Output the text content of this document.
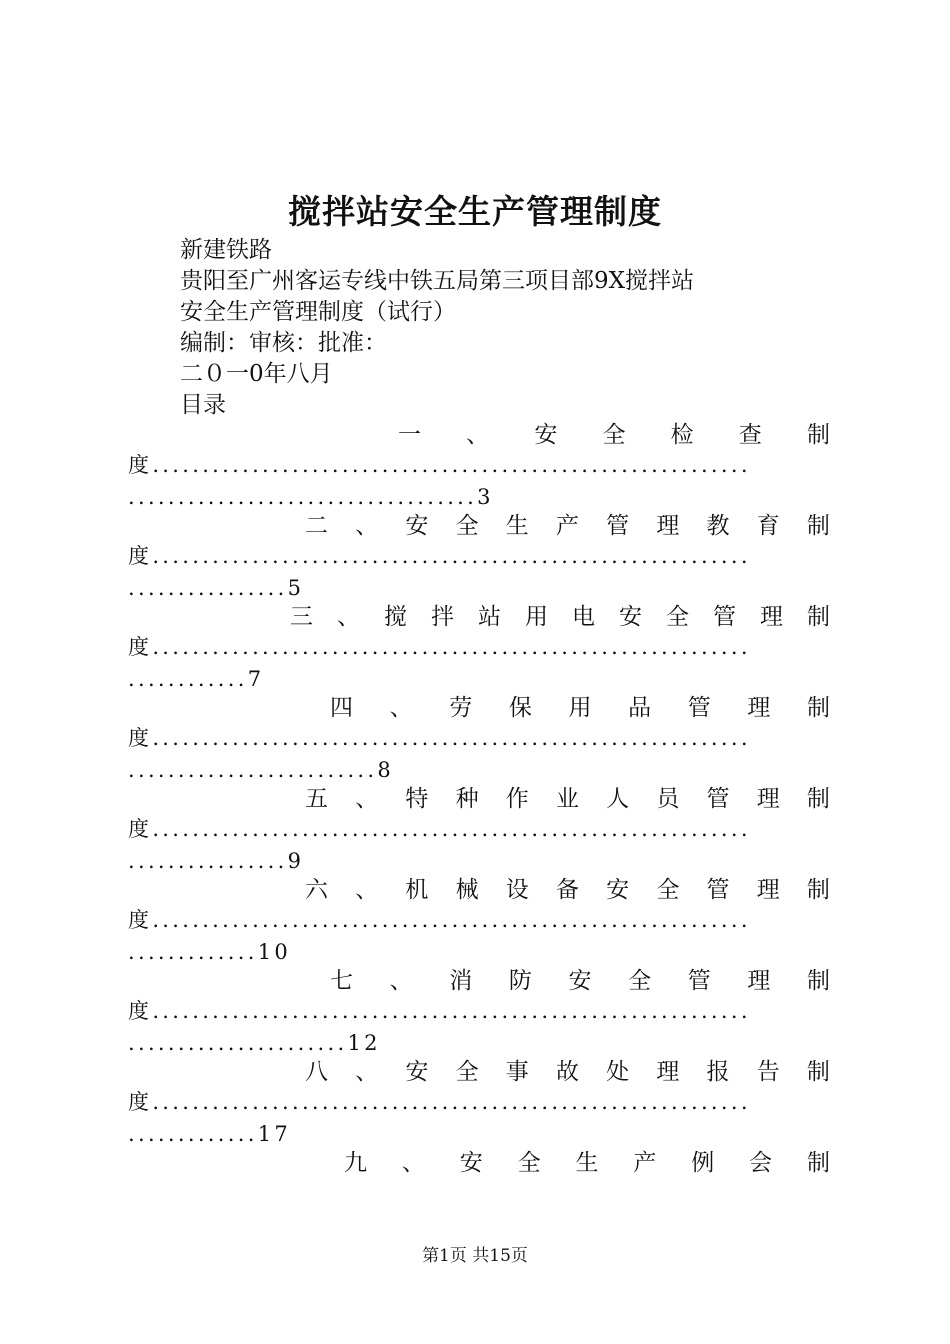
搅拌站安全生产管理制度
新建铁路
贵阳至广州客运专线中铁五局第三项目部9X搅拌站
安全生产管理制度（试行）
编制：审核：批准：
二０一0年八月
目录
一 、 安 全 检 查 制
度............................................................
...................................3
二 、 安 全 生 产 管 理 教 育 制
度............................................................
................5
三 、 搅 拌 站 用 电 安 全 管 理 制
度............................................................
............7
四 、 劳 保 用 品 管 理 制
度............................................................
.........................8
五 、 特 种 作 业 人 员 管 理 制
度............................................................
................9
六 、 机 械 设 备 安 全 管 理 制
度............................................................
.............10
七 、 消 防 安 全 管 理 制
度............................................................
......................12
八 、 安 全 事 故 处 理 报 告 制
度............................................................
.............17
九 、 安 全 生 产 例 会 制
第1页 共15页
